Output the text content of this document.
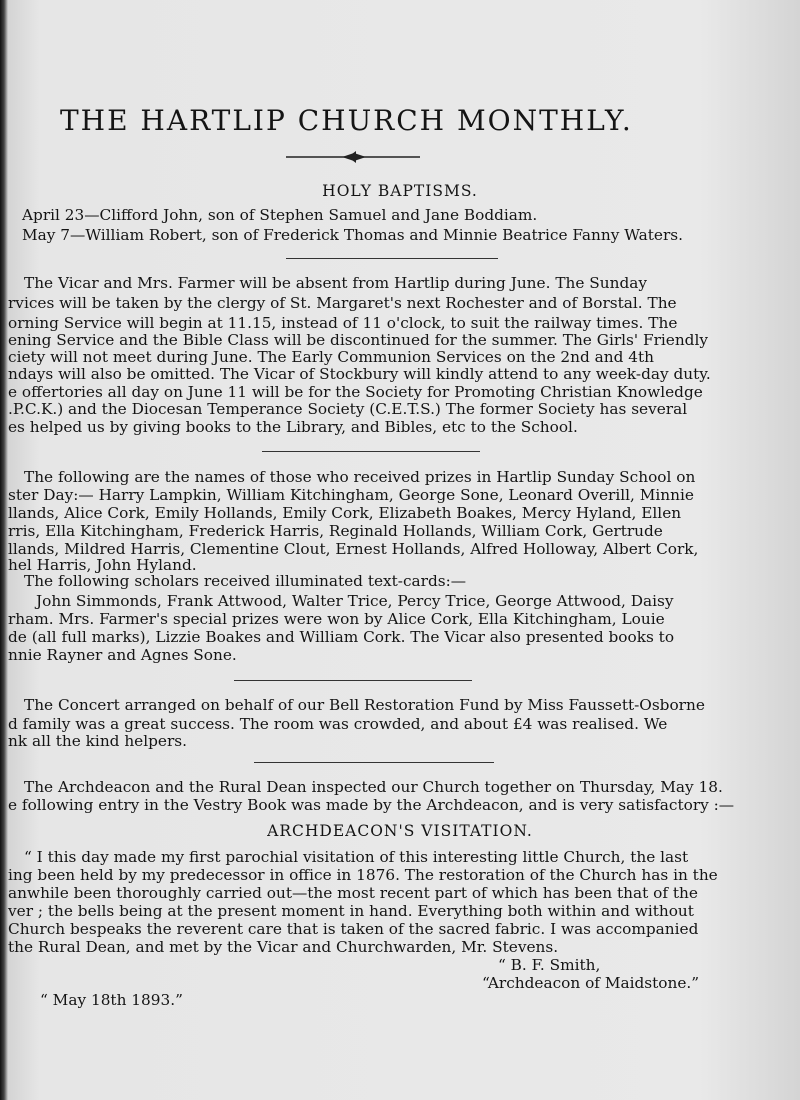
THE HARTLIP CHURCH MONTHLY.
HOLY BAPTISMS.
April 23—Clifford John, son of Stephen Samuel and Jane Boddiam.
May 7—William Robert, son of Frederick Thomas and Minnie Beatrice Fanny Waters.
The Vicar and Mrs. Farmer will be absent from Hartlip during June. The Sunday
rvices will be taken by the clergy of St. Margaret's next Rochester and of Borstal. The
orning Service will begin at 11.15, instead of 11 o'clock, to suit the railway times. The
ening Service and the Bible Class will be discontinued for the summer. The Girls' Friendly
ciety will not meet during June. The Early Communion Services on the 2nd and 4th
ndays will also be omitted. The Vicar of Stockbury will kindly attend to any week-day duty.
e offertories all day on June 11 will be for the Society for Promoting Christian Knowledge
.P.C.K.) and the Diocesan Temperance Society (C.E.T.S.) The former Society has several
es helped us by giving books to the Library, and Bibles, etc to the School.
The following are the names of those who received prizes in Hartlip Sunday School on
ster Day:— Harry Lampkin, William Kitchingham, George Sone, Leonard Overill, Minnie
llands, Alice Cork, Emily Hollands, Emily Cork, Elizabeth Boakes, Mercy Hyland, Ellen
rris, Ella Kitchingham, Frederick Harris, Reginald Hollands, William Cork, Gertrude
llands, Mildred Harris, Clementine Clout, Ernest Hollands, Alfred Holloway, Albert Cork,
hel Harris, John Hyland.
The following scholars received illuminated text-cards:—
John Simmonds, Frank Attwood, Walter Trice, Percy Trice, George Attwood, Daisy
rham. Mrs. Farmer's special prizes were won by Alice Cork, Ella Kitchingham, Louie
de (all full marks), Lizzie Boakes and William Cork. The Vicar also presented books to
nnie Rayner and Agnes Sone.
The Concert arranged on behalf of our Bell Restoration Fund by Miss Faussett-Osborne
d family was a great success. The room was crowded, and about £4 was realised. We
nk all the kind helpers.
The Archdeacon and the Rural Dean inspected our Church together on Thursday, May 18.
e following entry in the Vestry Book was made by the Archdeacon, and is very satisfactory :—
ARCHDEACON'S VISITATION.
“ I this day made my first parochial visitation of this interesting little Church, the last
ing been held by my predecessor in office in 1876. The restoration of the Church has in the
anwhile been thoroughly carried out—the most recent part of which has been that of the
ver ; the bells being at the present moment in hand. Everything both within and without
Church bespeaks the reverent care that is taken of the sacred fabric. I was accompanied
the Rural Dean, and met by the Vicar and Churchwarden, Mr. Stevens.
“ B. F. Smith,
“Archdeacon of Maidstone.”
“ May 18th 1893.”
